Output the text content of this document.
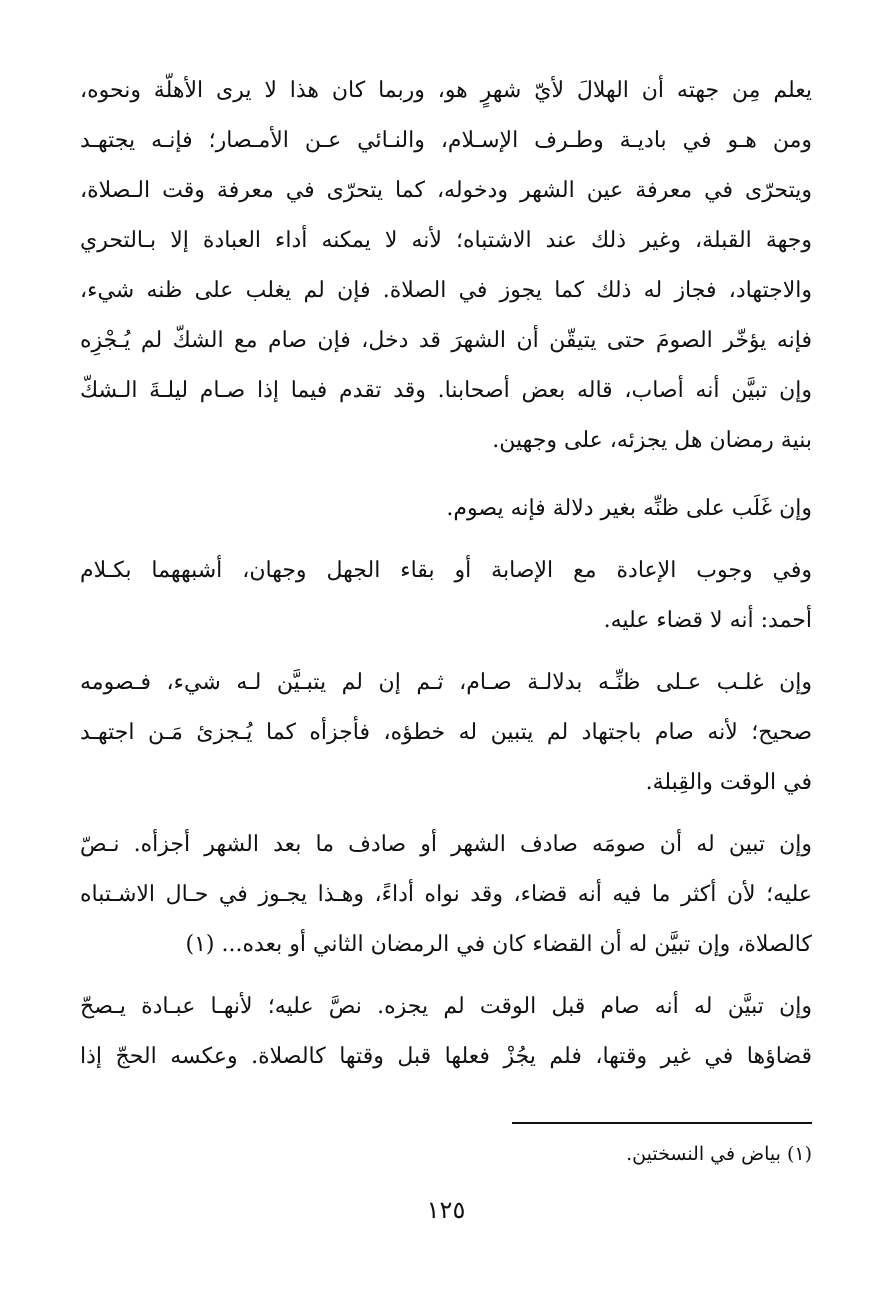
يعلم مِن جهته أن الهلالَ لأيّ شهرٍ هو، وربما كان هذا لا يرى الأهلّة ونحوه،
ومن هـو في باديـة وطـرف الإسـلام، والنـائي عـن الأمـصار؛ فإنـه يجتهـد
ويتحرّى في معرفة عين الشهر ودخوله، كما يتحرّى في معرفة وقت الـصلاة،
وجهة القبلة، وغير ذلك عند الاشتباه؛ لأنه لا يمكنه أداء العبادة إلا بـالتحري
والاجتهاد، فجاز له ذلك كما يجوز في الصلاة. فإن لم يغلب على ظنه شيء،
فإنه يؤخّر الصومَ حتى يتيقّن أن الشهرَ قد دخل، فإن صام مع الشكّ لم يُـجْزِه
وإن تبيَّن أنه أصاب، قاله بعض أصحابنا. وقد تقدم فيما إذا صـام ليلـةَ الـشكّ
بنية رمضان هل يجزئه، على وجهين.
وإن غَلَب على ظنِّه بغير دلالة فإنه يصوم.
وفي وجوب الإعادة مع الإصابة أو بقاء الجهل وجهان، أشبههما بكـلام
أحمد: أنه لا قضاء عليه.
وإن غلـب عـلى ظنِّـه بدلالـة صـام، ثـم إن لم يتبـيَّن لـه شيء، فـصومه
صحيح؛ لأنه صام باجتهاد لم يتبين له خطؤه، فأجزأه كما يُـجزئ مَـن اجتهـد
في الوقت والقِبلة.
وإن تبين له أن صومَه صادف الشهر أو صادف ما بعد الشهر أجزأه. نـصّ
عليه؛ لأن أكثر ما فيه أنه قضاء، وقد نواه أداءً، وهـذا يجـوز في حـال الاشـتباه
كالصلاة، وإن تبيَّن له أن القضاء كان في الرمضان الثاني أو بعده... (١)
وإن تبيَّن له أنه صام قبل الوقت لم يجزه. نصَّ عليه؛ لأنهـا عبـادة يـصحّ
قضاؤها في غير وقتها، فلم يجُزْ فعلها قبل وقتها كالصلاة. وعكسه الحجّ إذا
(١) بياض في النسختين.
١٢٥
